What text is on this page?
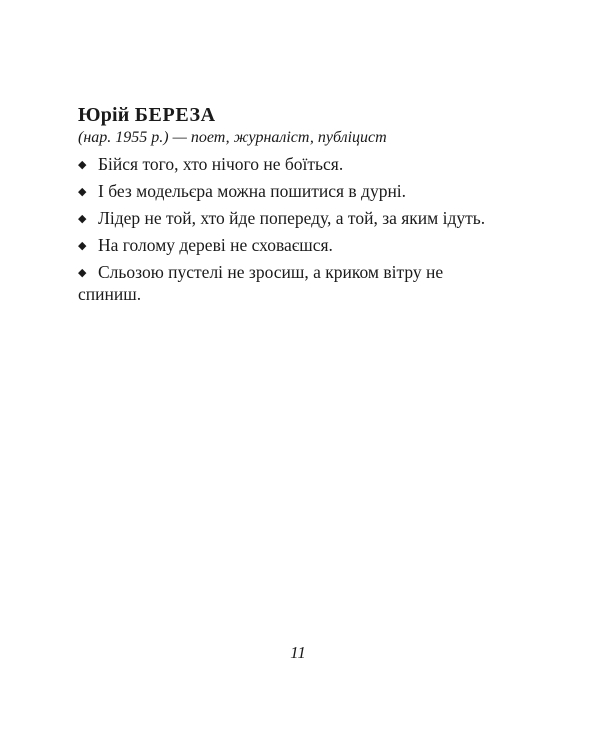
Юрій БЕРЕЗА
(нар. 1955 р.) — поет, журналіст, публіцист
◆ Бійся того, хто нічого не боїться.
◆ І без модельєра можна пошитися в дурні.
◆ Лідер не той, хто йде попереду, а той, за яким ідуть.
◆ На голому дереві не сховаєшся.
◆ Сльозою пустелі не зросиш, а криком вітру не спиниш.
11
